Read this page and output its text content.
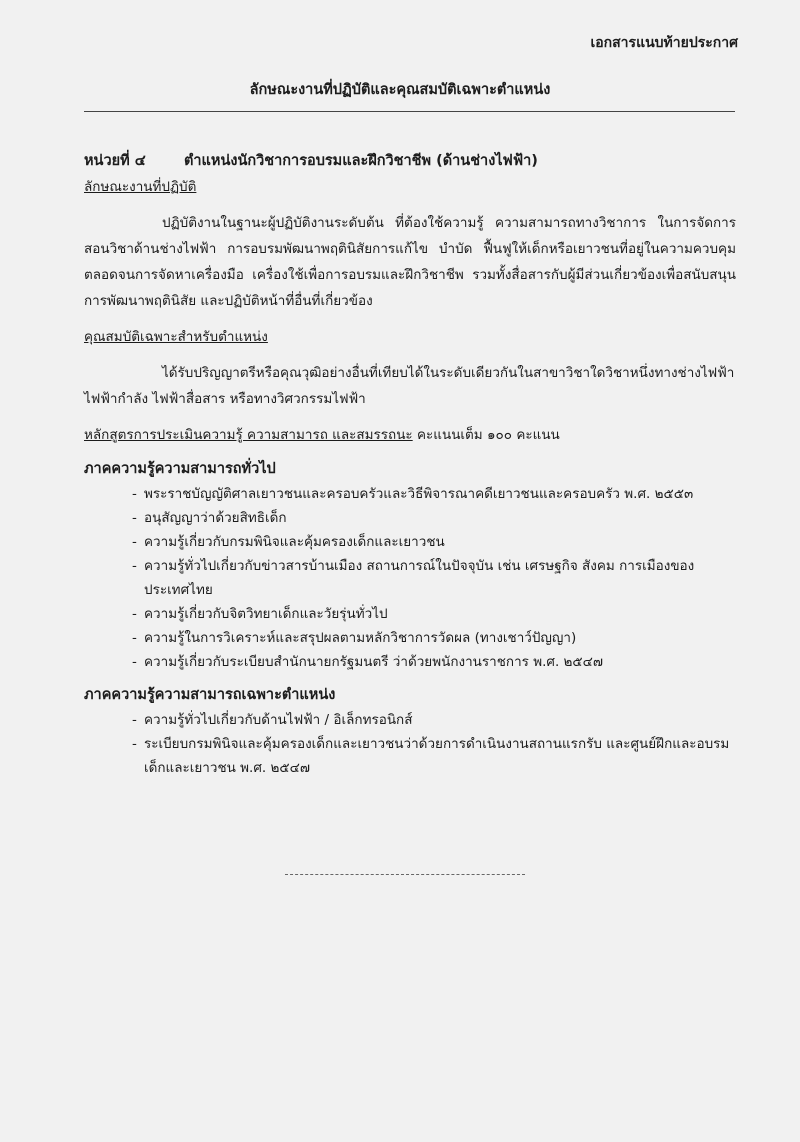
เอกสารแนบท้ายประกาศ
ลักษณะงานที่ปฏิบัติและคุณสมบัติเฉพาะตำแหน่ง
หน่วยที่ ๔	ตำแหน่งนักวิชาการอบรมและฝึกวิชาชีพ (ด้านช่างไฟฟ้า)
ลักษณะงานที่ปฏิบัติ
ปฏิบัติงานในฐานะผู้ปฏิบัติงานระดับต้น ที่ต้องใช้ความรู้ ความสามารถทางวิชาการ ในการจัดการสอนวิชาด้านช่างไฟฟ้า การอบรมพัฒนาพฤตินิสัยการแก้ไข บำบัด ฟื้นฟูให้เด็กหรือเยาวชนที่อยู่ในความควบคุม ตลอดจนการจัดหาเครื่องมือ เครื่องใช้เพื่อการอบรมและฝึกวิชาชีพ รวมทั้งสื่อสารกับผู้มีส่วนเกี่ยวข้องเพื่อสนับสนุนการพัฒนาพฤตินิสัย และปฏิบัติหน้าที่อื่นที่เกี่ยวข้อง
คุณสมบัติเฉพาะสำหรับตำแหน่ง
ได้รับปริญญาตรีหรือคุณวุฒิอย่างอื่นที่เทียบได้ในระดับเดียวกันในสาขาวิชาใดวิชาหนึ่งทางช่างไฟฟ้า ไฟฟ้ากำลัง ไฟฟ้าสื่อสาร หรือทางวิศวกรรมไฟฟ้า
หลักสูตรการประเมินความรู้ ความสามารถ และสมรรถนะ คะแนนเต็ม ๑๐๐ คะแนน
ภาคความรู้ความสามารถทั่วไป
- พระราชบัญญัติศาลเยาวชนและครอบครัวและวิธีพิจารณาคดีเยาวชนและครอบครัว พ.ศ. ๒๕๕๓
- อนุสัญญาว่าด้วยสิทธิเด็ก
- ความรู้เกี่ยวกับกรมพินิจและคุ้มครองเด็กและเยาวชน
- ความรู้ทั่วไปเกี่ยวกับข่าวสารบ้านเมือง สถานการณ์ในปัจจุบัน เช่น เศรษฐกิจ สังคม การเมืองของประเทศไทย
- ความรู้เกี่ยวกับจิตวิทยาเด็กและวัยรุ่นทั่วไป
- ความรู้ในการวิเคราะห์และสรุปผลตามหลักวิชาการวัดผล (ทางเชาว์ปัญญา)
- ความรู้เกี่ยวกับระเบียบสำนักนายกรัฐมนตรี ว่าด้วยพนักงานราชการ พ.ศ. ๒๕๔๗
ภาคความรู้ความสามารถเฉพาะตำแหน่ง
- ความรู้ทั่วไปเกี่ยวกับด้านไฟฟ้า / อิเล็กทรอนิกส์
- ระเบียบกรมพินิจและคุ้มครองเด็กและเยาวชนว่าด้วยการดำเนินงานสถานแรกรับ และศูนย์ฝึกและอบรมเด็กและเยาวชน พ.ศ. ๒๕๔๗
